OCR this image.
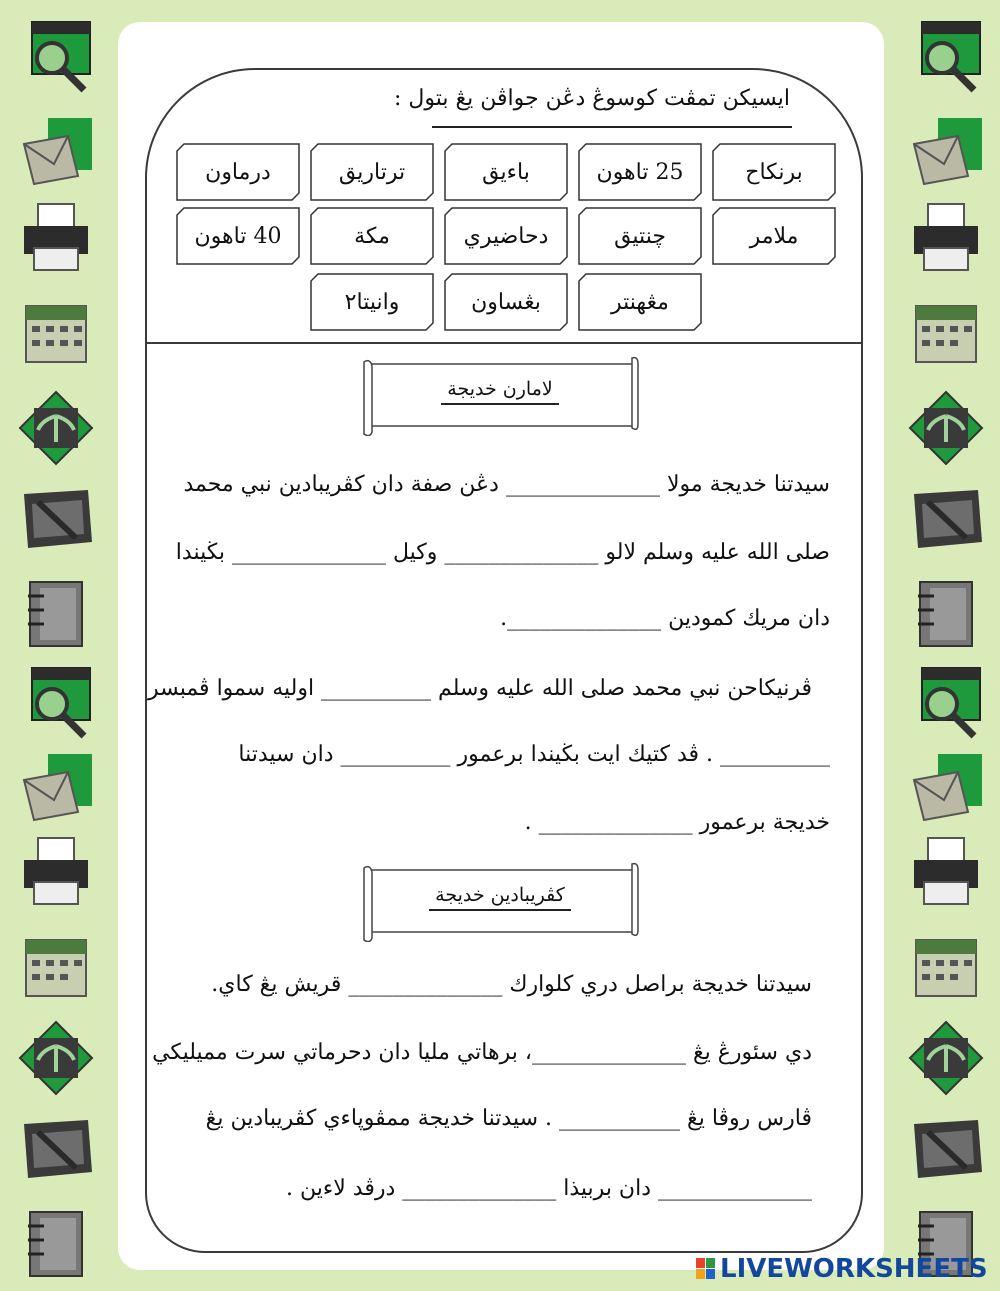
ايسيكن تمڤت كوسوڠ دڠن جواڤن يڠ بتول :
برنكاح
25 تاهون
باءيق
ترتاريق
درماون
ملامر
چنتيق
دحاضيري
مكة
40 تاهون
مڠهنتر
بڠساون
وانيتا٢
لامارن خديجة
سيدتنا خديجة مولا ______________ دڠن صفة دان كڤريبادين نبي محمد
صلى الله عليه وسلم لالو ______________ وكيل ______________ بڬيندا
دان مريك كمودين ______________.
ڤرنيكاحن نبي محمد صلى الله عليه وسلم __________ اوليه سموا ڤمبسر
__________ . ڤد كتيك ايت بڬيندا برعمور __________ دان سيدتنا
خديجة برعمور ______________ .
كڤريبادين خديجة
سيدتنا خديجة براصل دري كلوارك ______________ قريش يڠ كاي.
دي سئورڠ يڠ ______________، برهاتي مليا دان دحرماتي سرت مميليكي
ڤارس روڤا يڠ ___________ . سيدتنا خديجة ممڤوڽاءي كڤريبادين يڠ
______________ دان بربيذا ______________ درڤد لاءين .
LIVEWORKSHEETS
